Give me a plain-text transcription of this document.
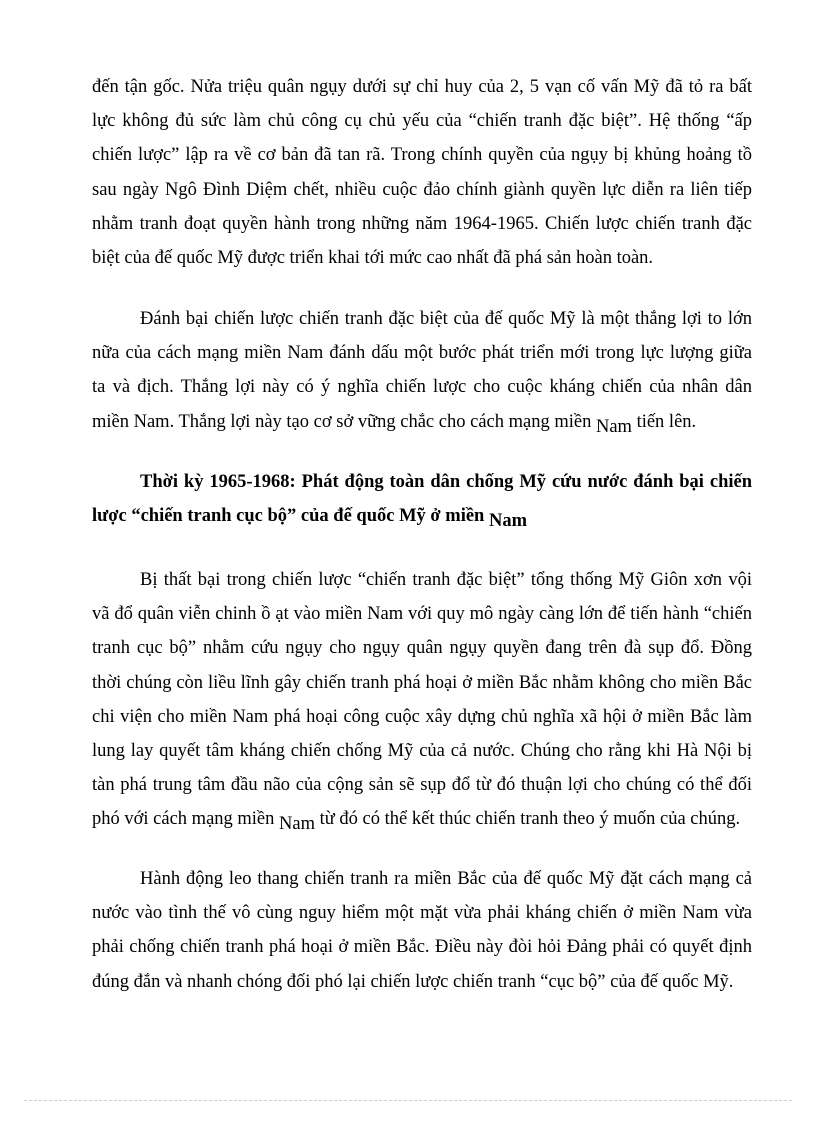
đến tận gốc. Nửa triệu quân ngụy dưới sự chỉ huy của 2, 5 vạn cố vấn Mỹ đã tỏ ra bất
lực không đủ sức làm chủ công cụ chủ yếu của “chiến tranh đặc biệt”. Hệ thống “ấp
chiến lược” lập ra về cơ bản đã tan rã. Trong chính quyền của ngụy bị khủng hoảng tồ
sau ngày Ngô Đình Diệm chết, nhiều cuộc đảo chính giành quyền lực diễn ra liên tiếp
nhằm tranh đoạt quyền hành trong những năm 1964-1965. Chiến lược chiến tranh đặc
biệt của đế quốc Mỹ được triển khai tới mức cao nhất đã phá sản hoàn toàn.
Đánh bại chiến lược chiến tranh đặc biệt của đế quốc Mỹ là một thắng lợi to lớn
nữa của cách mạng miền Nam đánh dấu một bước phát triển mới trong lực lượng giữa
ta và địch. Thắng lợi này có ý nghĩa chiến lược cho cuộc kháng chiến của nhân dân
miền Nam. Thắng lợi này tạo cơ sở vững chắc cho cách mạng miền Nam tiến lên.
Thời kỳ 1965-1968: Phát động toàn dân chống Mỹ cứu nước đánh bại chiến
lược “chiến tranh cục bộ” của đế quốc Mỹ ở miền Nam
Bị thất bại trong chiến lược “chiến tranh đặc biệt” tổng thống Mỹ Giôn xơn vội
vã đổ quân viễn chinh ồ ạt vào miền Nam với quy mô ngày càng lớn để tiến hành “chiến
tranh cục bộ” nhằm cứu ngụy cho ngụy quân ngụy quyền đang trên đà sụp đổ. Đồng
thời chúng còn liều lĩnh gây chiến tranh phá hoại ở miền Bắc nhằm không cho miền Bắc
chi viện cho miền Nam phá hoại công cuộc xây dựng chủ nghĩa xã hội ở miền Bắc làm
lung lay quyết tâm kháng chiến chống Mỹ của cả nước. Chúng cho rằng khi Hà Nội bị
tàn phá trung tâm đầu não của cộng sản sẽ sụp đổ từ đó thuận lợi cho chúng có thể đối
phó với cách mạng miền Nam từ đó có thể kết thúc chiến tranh theo ý muốn của chúng.
Hành động leo thang chiến tranh ra miền Bắc của đế quốc Mỹ đặt cách mạng cả
nước vào tình thế vô cùng nguy hiểm một mặt vừa phải kháng chiến ở miền Nam vừa
phải chống chiến tranh phá hoại ở miền Bắc. Điều này đòi hỏi Đảng phải có quyết định
đúng đắn và nhanh chóng đối phó lại chiến lược chiến tranh “cục bộ” của đế quốc Mỹ.
